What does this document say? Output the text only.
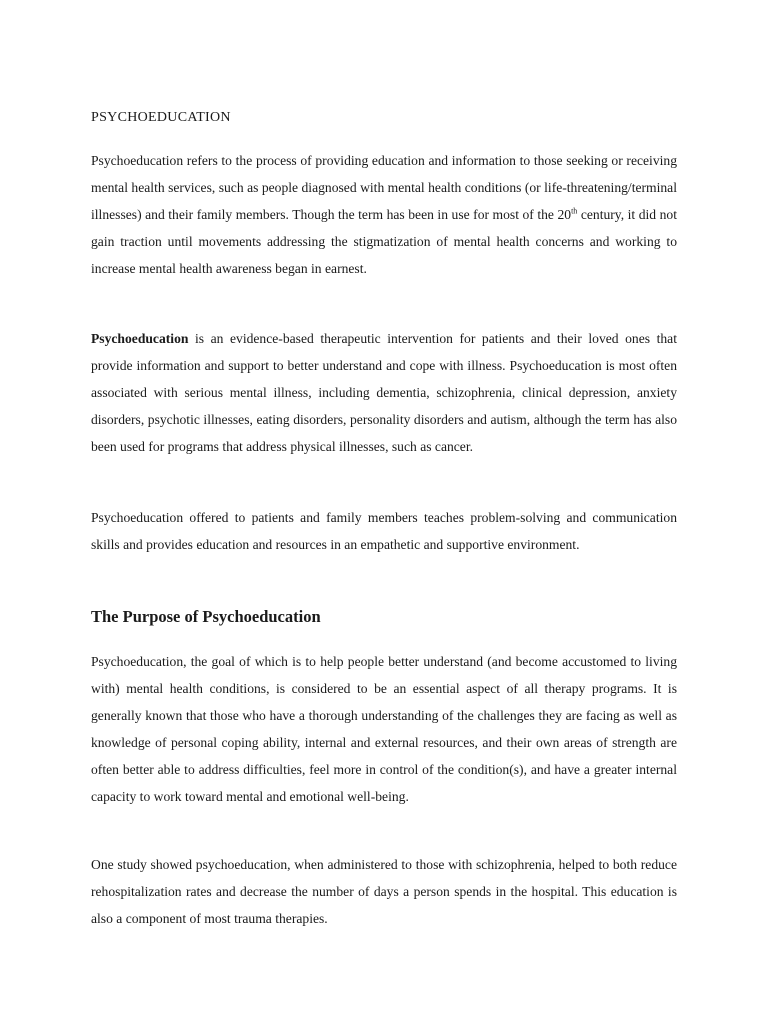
PSYCHOEDUCATION

Psychoeducation refers to the process of providing education and information to those seeking or receiving mental health services, such as people diagnosed with mental health conditions (or life-threatening/terminal illnesses) and their family members. Though the term has been in use for most of the 20th century, it did not gain traction until movements addressing the stigmatization of mental health concerns and working to increase mental health awareness began in earnest.

Psychoeducation is an evidence-based therapeutic intervention for patients and their loved ones that provide information and support to better understand and cope with illness. Psychoeducation is most often associated with serious mental illness, including dementia, schizophrenia, clinical depression, anxiety disorders, psychotic illnesses, eating disorders, personality disorders and autism, although the term has also been used for programs that address physical illnesses, such as cancer.

Psychoeducation offered to patients and family members teaches problem-solving and communication skills and provides education and resources in an empathetic and supportive environment.

The Purpose of Psychoeducation

Psychoeducation, the goal of which is to help people better understand (and become accustomed to living with) mental health conditions, is considered to be an essential aspect of all therapy programs. It is generally known that those who have a thorough understanding of the challenges they are facing as well as knowledge of personal coping ability, internal and external resources, and their own areas of strength are often better able to address difficulties, feel more in control of the condition(s), and have a greater internal capacity to work toward mental and emotional well-being.

One study showed psychoeducation, when administered to those with schizophrenia, helped to both reduce rehospitalization rates and decrease the number of days a person spends in the hospital. This education is also a component of most trauma therapies.
